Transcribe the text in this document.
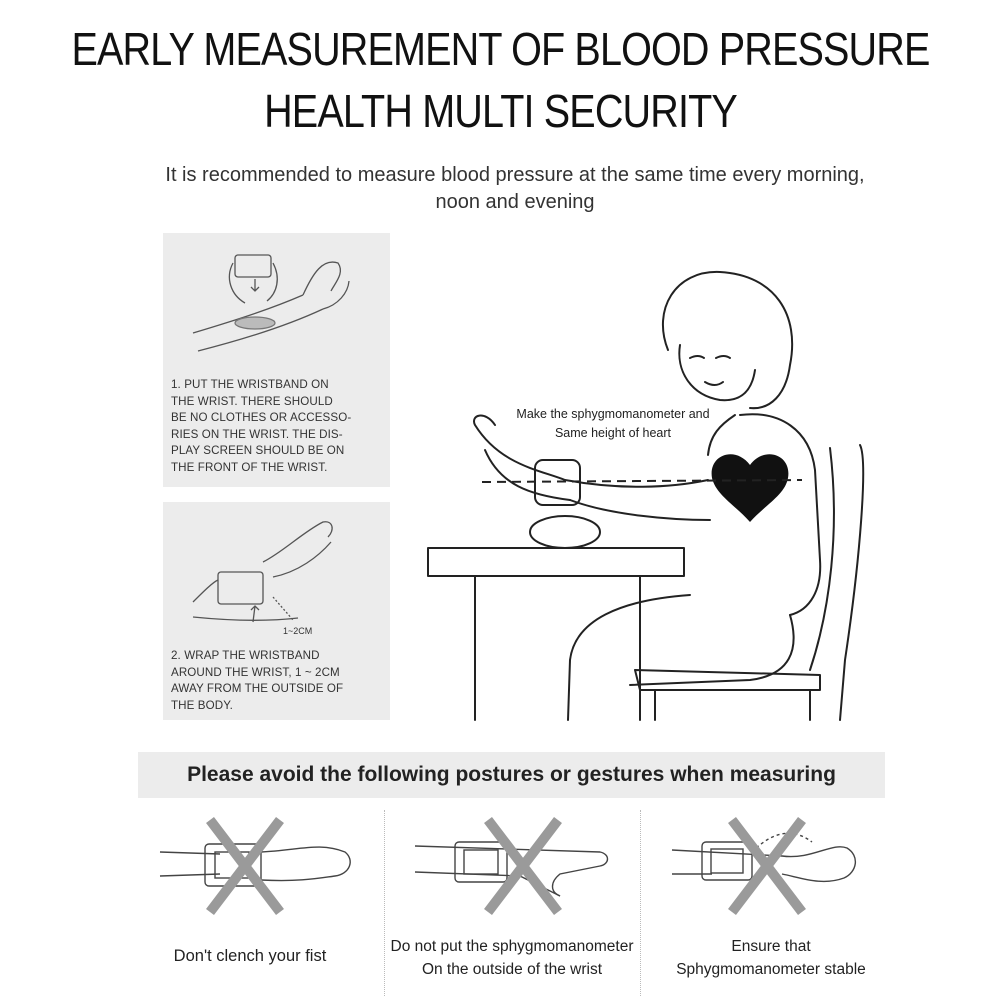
EARLY MEASUREMENT OF BLOOD PRESSURE
HEALTH MULTI SECURITY
It is recommended to measure blood pressure at the same time every morning, noon and evening
1. PUT THE WRISTBAND ON
THE WRIST. THERE SHOULD
BE NO CLOTHES OR ACCESSO-
RIES ON THE WRIST. THE DIS-
PLAY SCREEN SHOULD BE ON
THE FRONT OF THE WRIST.
1~2CM
2. WRAP THE WRISTBAND
AROUND THE WRIST, 1 ~ 2CM
AWAY FROM THE OUTSIDE OF
THE BODY.
Make the sphygmomanometer and
Same height of heart
Please avoid the following postures or gestures when measuring
Don't clench your fist
Do not put the sphygmomanometer
On the outside of the wrist
Ensure that
Sphygmomanometer stable
